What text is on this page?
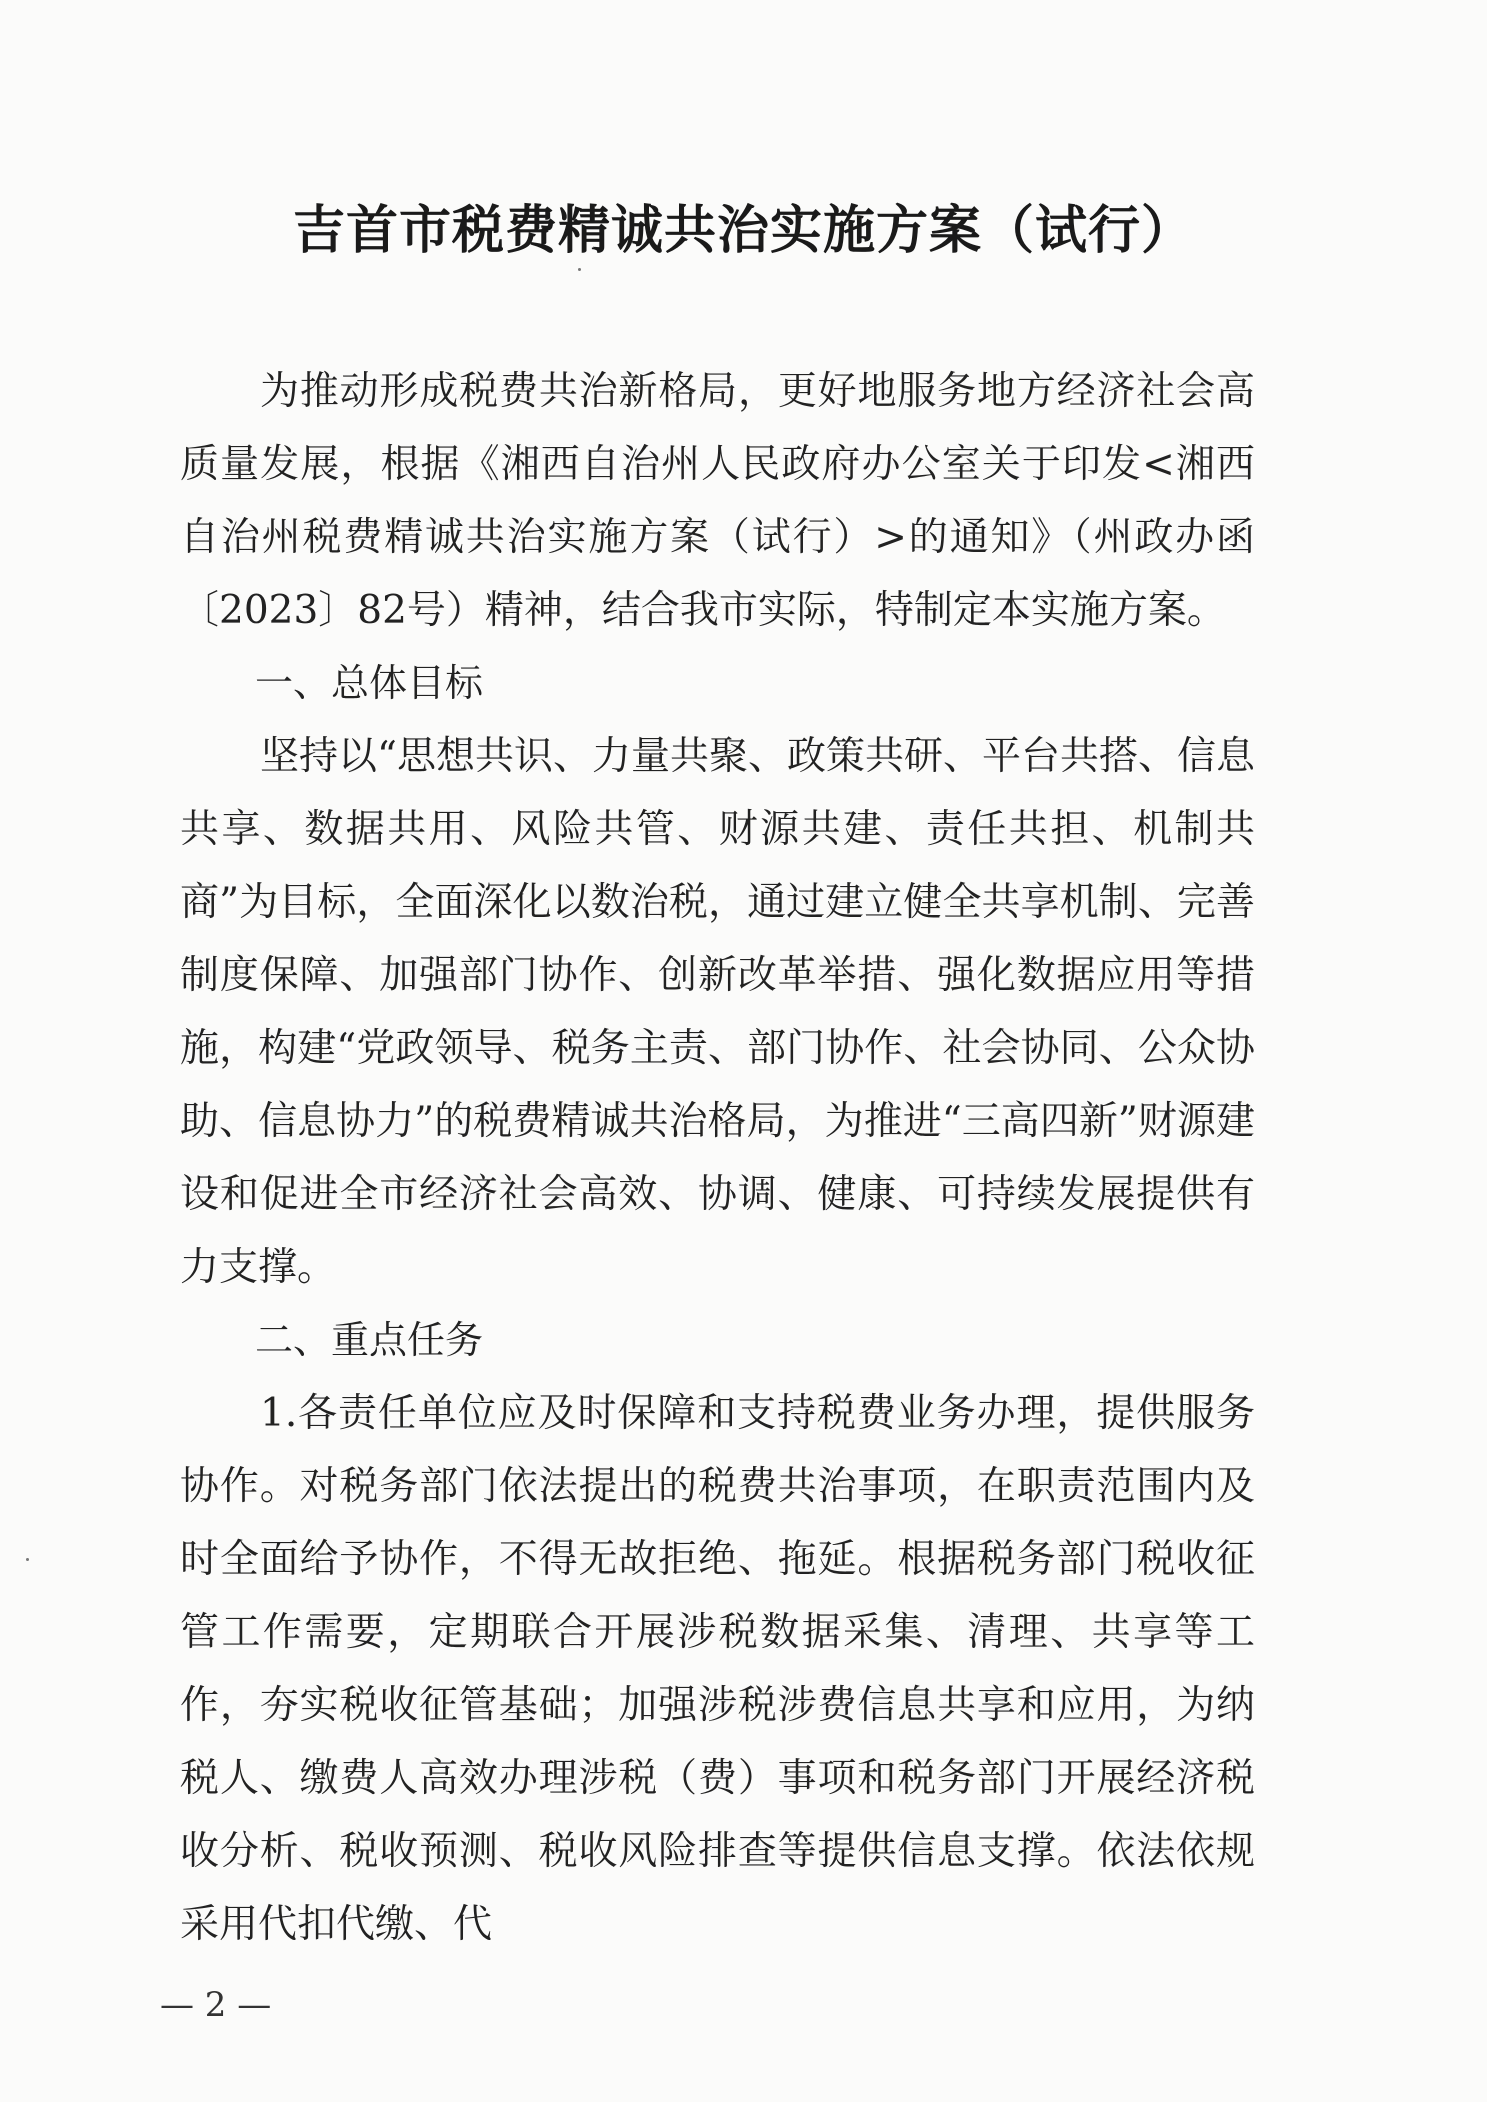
吉首市税费精诚共治实施方案（试行）

为推动形成税费共治新格局，更好地服务地方经济社会高质量发展，根据《湘西自治州人民政府办公室关于印发<湘西自治州税费精诚共治实施方案（试行）>的通知》（州政办函〔2023〕82号）精神，结合我市实际，特制定本实施方案。

一、总体目标

坚持以“思想共识、力量共聚、政策共研、平台共搭、信息共享、数据共用、风险共管、财源共建、责任共担、机制共商”为目标，全面深化以数治税，通过建立健全共享机制、完善制度保障、加强部门协作、创新改革举措、强化数据应用等措施，构建“党政领导、税务主责、部门协作、社会协同、公众协助、信息协力”的税费精诚共治格局，为推进“三高四新”财源建设和促进全市经济社会高效、协调、健康、可持续发展提供有力支撑。

二、重点任务

1.各责任单位应及时保障和支持税费业务办理，提供服务协作。对税务部门依法提出的税费共治事项，在职责范围内及时全面给予协作，不得无故拒绝、拖延。根据税务部门税收征管工作需要，定期联合开展涉税数据采集、清理、共享等工作，夯实税收征管基础；加强涉税涉费信息共享和应用，为纳税人、缴费人高效办理涉税（费）事项和税务部门开展经济税收分析、税收预测、税收风险排查等提供信息支撑。依法依规采用代扣代缴、代

— 2 —
